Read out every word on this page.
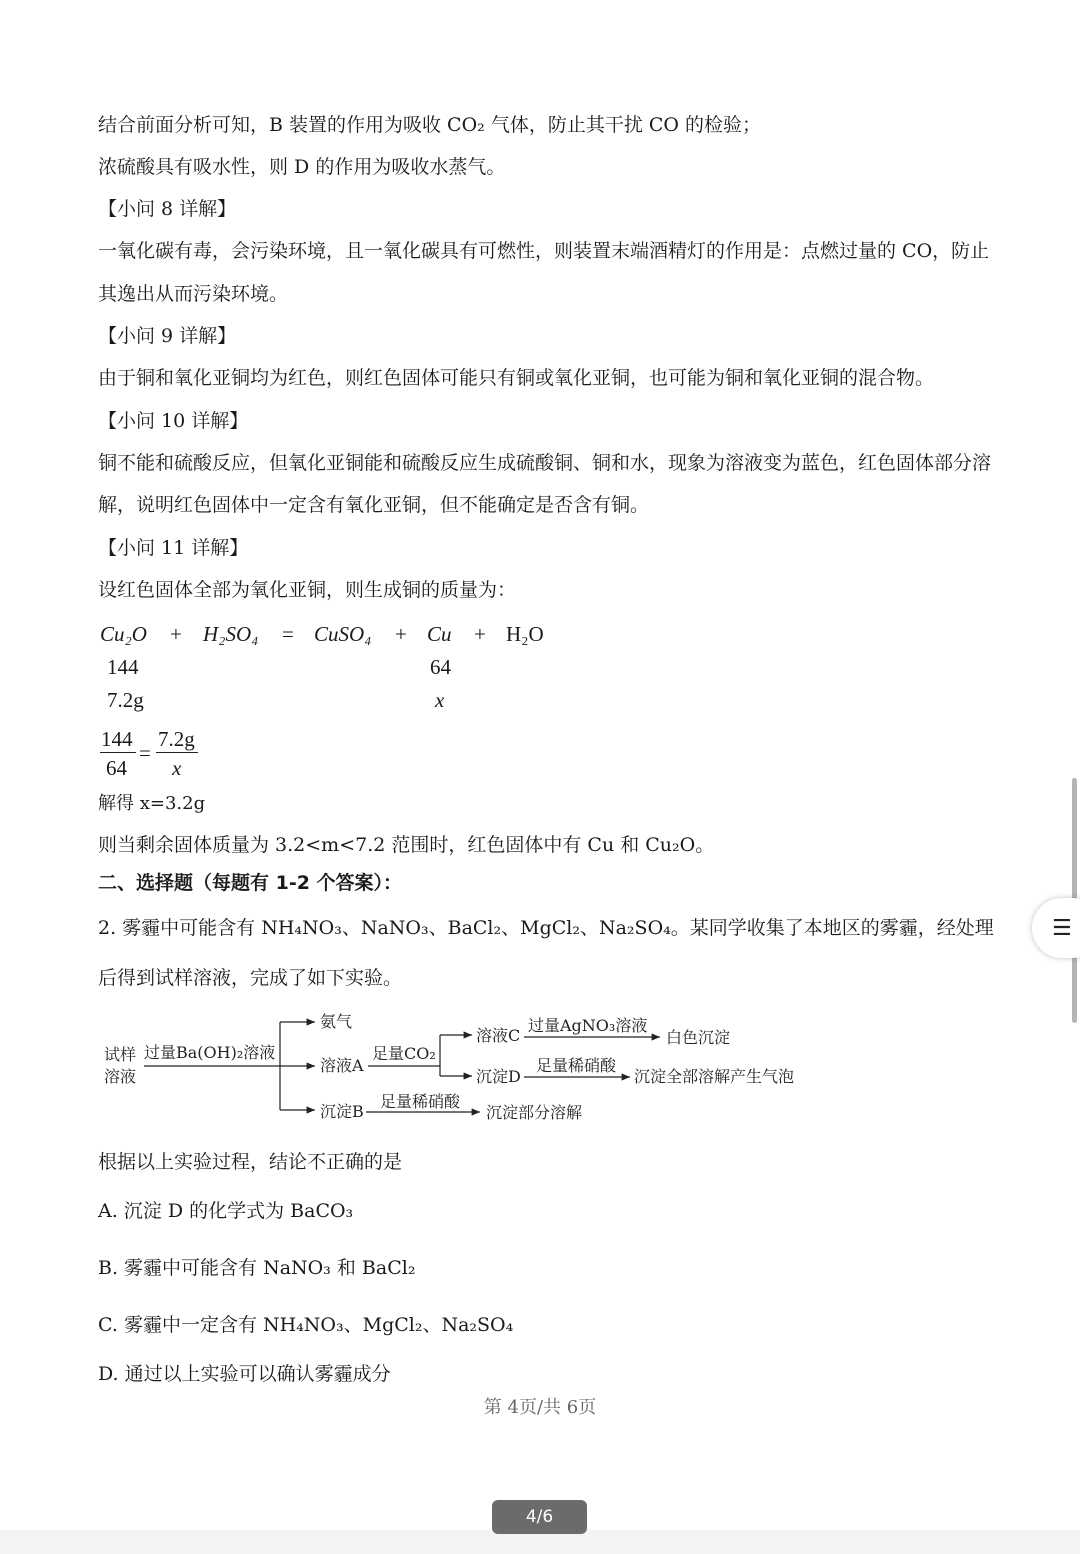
结合前面分析可知，B 装置的作用为吸收 CO₂ 气体，防止其干扰 CO 的检验；
浓硫酸具有吸水性，则 D 的作用为吸收水蒸气。
【小问 8 详解】
一氧化碳有毒，会污染环境，且一氧化碳具有可燃性，则装置末端酒精灯的作用是：点燃过量的 CO，防止
其逸出从而污染环境。
【小问 9 详解】
由于铜和氧化亚铜均为红色，则红色固体可能只有铜或氧化亚铜，也可能为铜和氧化亚铜的混合物。
【小问 10 详解】
铜不能和硫酸反应，但氧化亚铜能和硫酸反应生成硫酸铜、铜和水，现象为溶液变为蓝色，红色固体部分溶
解，说明红色固体中一定含有氧化亚铜，但不能确定是否含有铜。
【小问 11 详解】
设红色固体全部为氧化亚铜，则生成铜的质量为：
Cu₂O + H₂SO₄ = CuSO₄ + Cu + H₂O
144	64
7.2g	x
144
64
=
7.2g
x
解得 x=3.2g
则当剩余固体质量为 3.2<m<7.2 范围时，红色固体中有 Cu 和 Cu₂O。
二、选择题（每题有 1-2 个答案）：
2. 雾霾中可能含有 NH₄NO₃、NaNO₃、BaCl₂、MgCl₂、Na₂SO₄。某同学收集了本地区的雾霾，经处理
后得到试样溶液，完成了如下实验。
试样
溶液
过量Ba(OH)₂溶液
氨气
溶液A
沉淀B
足量CO₂
溶液C
沉淀D
过量AgNO₃溶液
白色沉淀
足量稀硝酸
沉淀全部溶解产生气泡
足量稀硝酸
沉淀部分溶解
根据以上实验过程，结论不正确的是
A. 沉淀 D 的化学式为 BaCO₃
B. 雾霾中可能含有 NaNO₃ 和 BaCl₂
C. 雾霾中一定含有 NH₄NO₃、MgCl₂、Na₂SO₄
D. 通过以上实验可以确认雾霾成分
第 4页/共 6页
☰
4/6
